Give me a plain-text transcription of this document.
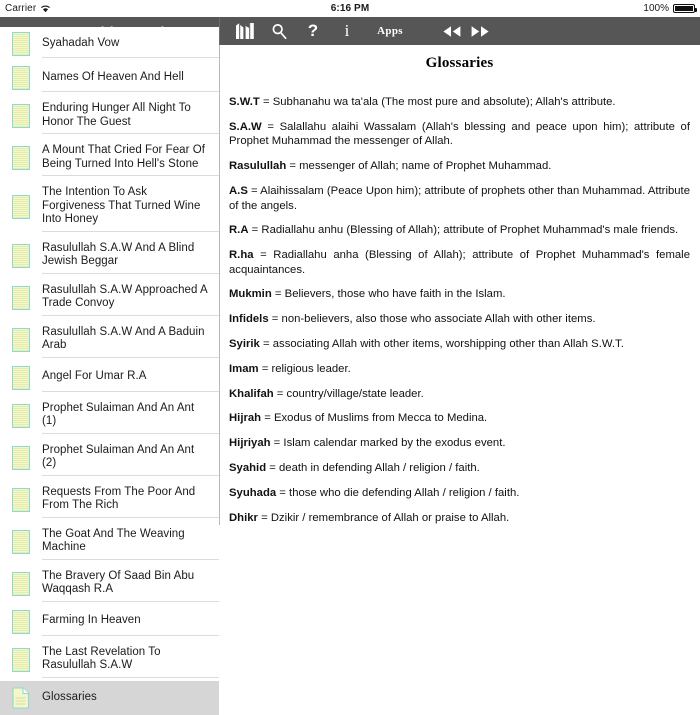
Carrier	6:16 PM	100%
?	i	Apps
Syahadah Vow
Names Of Heaven And Hell
Enduring Hunger All Night To Honor The Guest
A Mount That Cried For Fear Of Being Turned Into Hell's Stone
The Intention To Ask Forgiveness That Turned Wine Into Honey
Rasulullah S.A.W And A Blind Jewish Beggar
Rasulullah S.A.W Approached A Trade Convoy
Rasulullah S.A.W And A Baduin Arab
Angel For Umar R.A
Prophet Sulaiman And An Ant (1)
Prophet Sulaiman And An Ant (2)
Requests From The Poor And From The Rich
The Goat And The Weaving Machine
The Bravery Of Saad Bin Abu Waqqash R.A
Farming In Heaven
The Last Revelation To Rasulullah S.A.W
Glossaries
Glossaries
S.W.T = Subhanahu wa ta'ala (The most pure and absolute); Allah's attribute.
S.A.W = Salallahu alaihi Wassalam (Allah's blessing and peace upon him); attribute of Prophet Muhammad the messenger of Allah.
Rasulullah = messenger of Allah; name of Prophet Muhammad.
A.S = Alaihissalam (Peace Upon him); attribute of prophets other than Muhammad. Attribute of the angels.
R.A = Radiallahu anhu (Blessing of Allah); attribute of Prophet Muhammad's male friends.
R.ha = Radiallahu anha (Blessing of Allah); attribute of Prophet Muhammad's female acquaintances.
Mukmin = Believers, those who have faith in the Islam.
Infidels = non-believers, also those who associate Allah with other items.
Syirik = associating Allah with other items, worshipping other than Allah S.W.T.
Imam = religious leader.
Khalifah = country/village/state leader.
Hijrah = Exodus of Muslims from Mecca to Medina.
Hijriyah = Islam calendar marked by the exodus event.
Syahid = death in defending Allah / religion / faith.
Syuhada = those who die defending Allah / religion / faith.
Dhikr = Dzikir / remembrance of Allah or praise to Allah.
